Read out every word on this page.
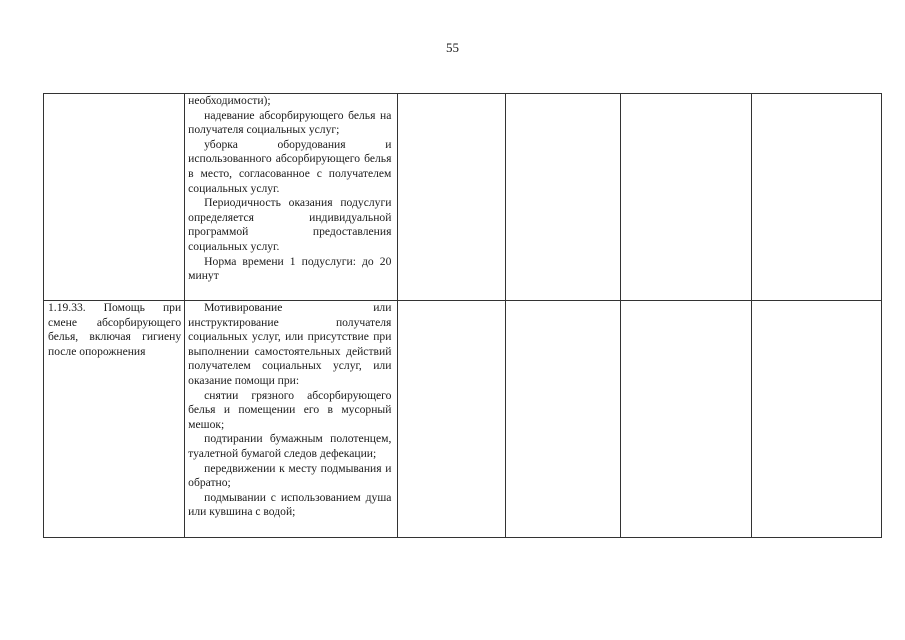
55

	необходимости);

надевание абсорбирующего белья на получателя социальных услуг;

уборка оборудования и использованного абсорбирующего белья в место, согласованное с получателем социальных услуг.

Периодичность оказания подуслуги определяется индивидуальной программой предоставления социальных услуг.

Норма времени 1 подуслуги: до 20 минут				

1.19.33. Помощь при смене абсорбирующего белья, включая гигиену после опорожнения	Мотивирование или инструктирование получателя социальных услуг, или присутствие при выполнении самостоятельных действий получателем социальных услуг, или оказание помощи при:

снятии грязного абсорбирующего белья и помещении его в мусорный мешок;

подтирании бумажным полотенцем, туалетной бумагой следов дефекации;

передвижении к месту подмывания и обратно;

подмывании с использованием душа или кувшина с водой;				
